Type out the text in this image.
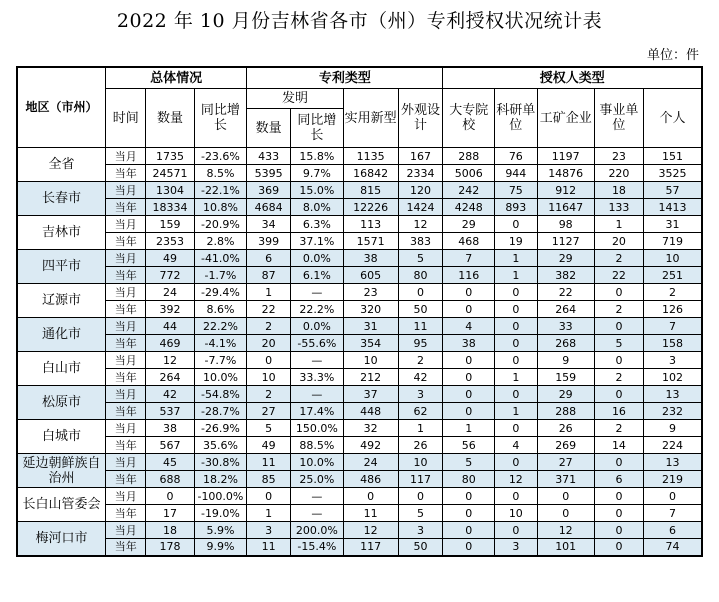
2022 年 10 月份吉林省各市（州）专利授权状况统计表
单位：件
地区（市州）	总体情况			专利类型				授权人类型				
	时间	数量	同比增长	发明		实用新型	外观设计	大专院校	科研单位	工矿企业	事业单位	个人
				数量	同比增长							
全省	当月	1735	-23.6%	433	15.8%	1135	167	288	76	1197	23	151
	当年	24571	8.5%	5395	9.7%	16842	2334	5006	944	14876	220	3525
长春市	当月	1304	-22.1%	369	15.0%	815	120	242	75	912	18	57
	当年	18334	10.8%	4684	8.0%	12226	1424	4248	893	11647	133	1413
吉林市	当月	159	-20.9%	34	6.3%	113	12	29	0	98	1	31
	当年	2353	2.8%	399	37.1%	1571	383	468	19	1127	20	719
四平市	当月	49	-41.0%	6	0.0%	38	5	7	1	29	2	10
	当年	772	-1.7%	87	6.1%	605	80	116	1	382	22	251
辽源市	当月	24	-29.4%	1	—	23	0	0	0	22	0	2
	当年	392	8.6%	22	22.2%	320	50	0	0	264	2	126
通化市	当月	44	22.2%	2	0.0%	31	11	4	0	33	0	7
	当年	469	-4.1%	20	-55.6%	354	95	38	0	268	5	158
白山市	当月	12	-7.7%	0	—	10	2	0	0	9	0	3
	当年	264	10.0%	10	33.3%	212	42	0	1	159	2	102
松原市	当月	42	-54.8%	2	—	37	3	0	0	29	0	13
	当年	537	-28.7%	27	17.4%	448	62	0	1	288	16	232
白城市	当月	38	-26.9%	5	150.0%	32	1	1	0	26	2	9
	当年	567	35.6%	49	88.5%	492	26	56	4	269	14	224
延边朝鲜族自治州	当月	45	-30.8%	11	10.0%	24	10	5	0	27	0	13
	当年	688	18.2%	85	25.0%	486	117	80	12	371	6	219
长白山管委会	当月	0	-100.0%	0	—	0	0	0	0	0	0	0
	当年	17	-19.0%	1	—	11	5	0	10	0	0	7
梅河口市	当月	18	5.9%	3	200.0%	12	3	0	0	12	0	6
	当年	178	9.9%	11	-15.4%	117	50	0	3	101	0	74
